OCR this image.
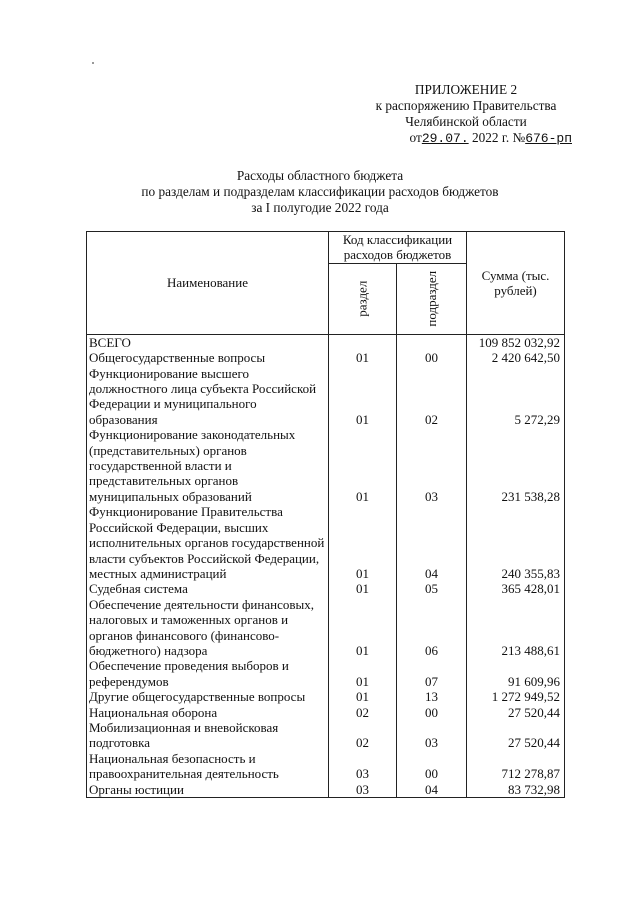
ПРИЛОЖЕНИЕ 2
к распоряжению Правительства
Челябинской области
от29.07. 2022 г. №676-рп
Расходы областного бюджета
по разделам и подразделам классификации расходов бюджетов
за I полугодие 2022 года
Наименование	Код классификации расходов бюджетов		Сумма (тыс. рублей)
	раздел	подраздел	
ВСЕГО			109 852 032,92
Общегосударственные вопросы	01	00	2 420 642,50
Функционирование высшего должностного лица субъекта Российской Федерации и муниципального образования	01	02	5 272,29
Функционирование законодательных (представительных) органов государственной власти и представительных органов муниципальных образований	01	03	231 538,28
Функционирование Правительства Российской Федерации, высших исполнительных органов государственной власти субъектов Российской Федерации, местных администраций	01	04	240 355,83
Судебная система	01	05	365 428,01
Обеспечение деятельности финансовых, налоговых и таможенных органов и органов финансового (финансово-бюджетного) надзора	01	06	213 488,61
Обеспечение проведения выборов и референдумов	01	07	91 609,96
Другие общегосударственные вопросы	01	13	1 272 949,52
Национальная оборона	02	00	27 520,44
Мобилизационная и вневойсковая подготовка	02	03	27 520,44
Национальная безопасность и правоохранительная деятельность	03	00	712 278,87
Органы юстиции	03	04	83 732,98
